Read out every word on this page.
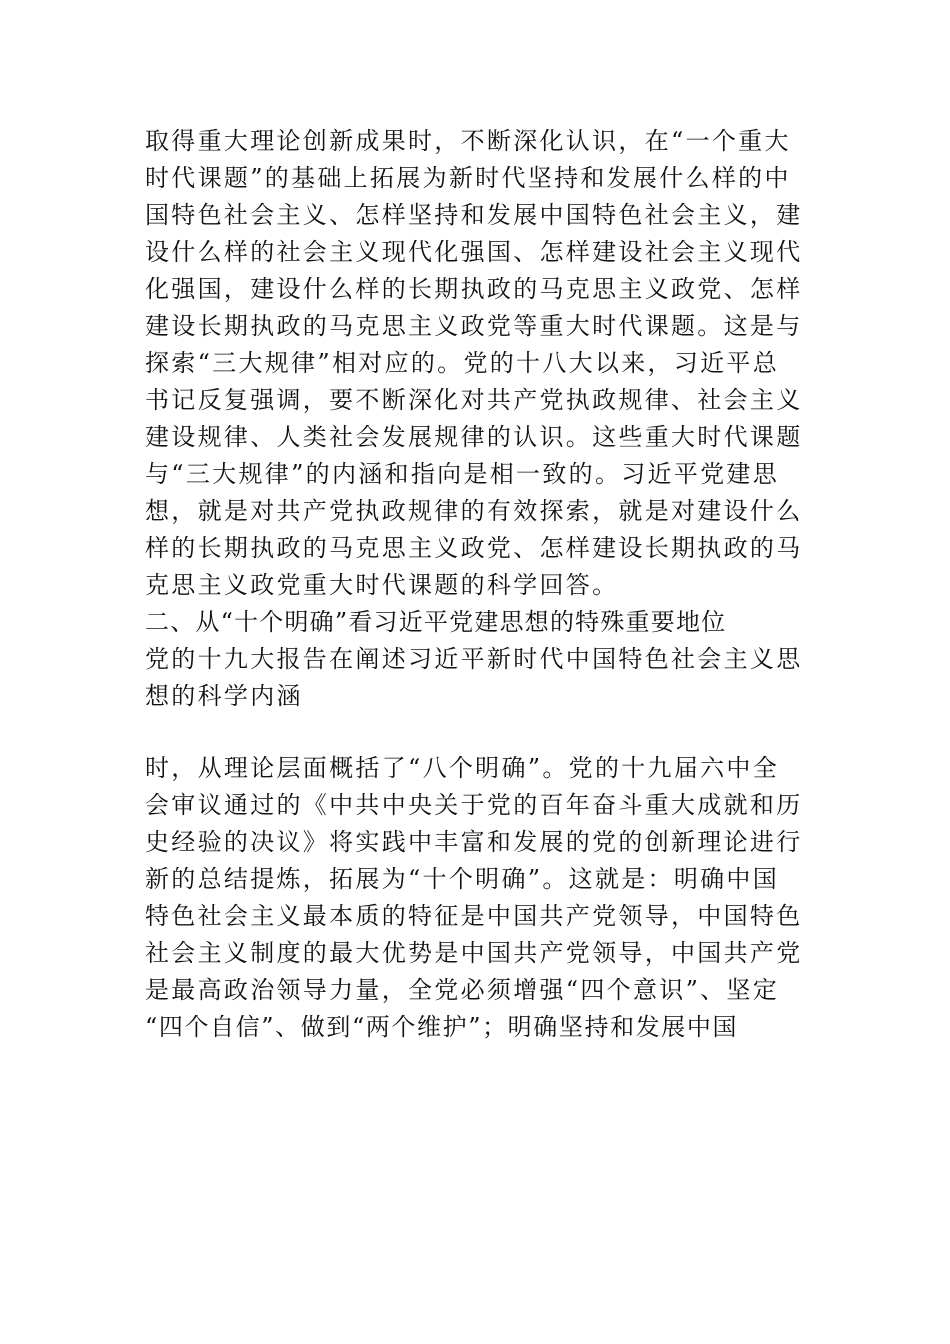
取得重大理论创新成果时，不断深化认识，在“一个重大
时代课题”的基础上拓展为新时代坚持和发展什么样的中
国特色社会主义、怎样坚持和发展中国特色社会主义，建
设什么样的社会主义现代化强国、怎样建设社会主义现代
化强国，建设什么样的长期执政的马克思主义政党、怎样
建设长期执政的马克思主义政党等重大时代课题。这是与
探索“三大规律”相对应的。党的十八大以来，习近平总
书记反复强调，要不断深化对共产党执政规律、社会主义
建设规律、人类社会发展规律的认识。这些重大时代课题
与“三大规律”的内涵和指向是相一致的。习近平党建思
想，就是对共产党执政规律的有效探索，就是对建设什么
样的长期执政的马克思主义政党、怎样建设长期执政的马
克思主义政党重大时代课题的科学回答。
二、从“十个明确”看习近平党建思想的特殊重要地位
党的十九大报告在阐述习近平新时代中国特色社会主义思
想的科学内涵
时，从理论层面概括了“八个明确”。党的十九届六中全
会审议通过的《中共中央关于党的百年奋斗重大成就和历
史经验的决议》将实践中丰富和发展的党的创新理论进行
新的总结提炼，拓展为“十个明确”。这就是：明确中国
特色社会主义最本质的特征是中国共产党领导，中国特色
社会主义制度的最大优势是中国共产党领导，中国共产党
是最高政治领导力量，全党必须增强“四个意识”、坚定
“四个自信”、做到“两个维护”；明确坚持和发展中国
